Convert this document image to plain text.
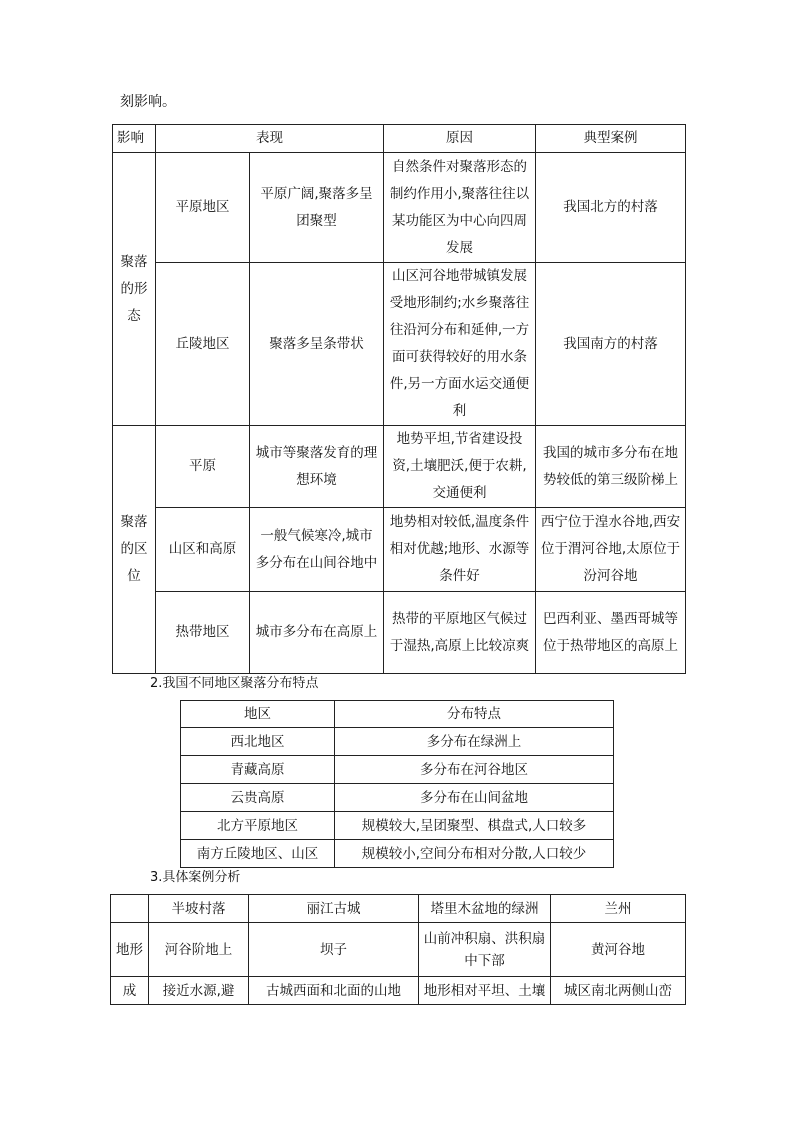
刻影响。
影响	表现		原因	典型案例
聚落的形态	平原地区	平原广阔,聚落多呈团聚型	自然条件对聚落形态的制约作用小,聚落往往以某功能区为中心向四周发展	我国北方的村落
	丘陵地区	聚落多呈条带状	山区河谷地带城镇发展受地形制约;水乡聚落往往沿河分布和延伸,一方面可获得较好的用水条件,另一方面水运交通便利	我国南方的村落
聚落的区位	平原	城市等聚落发育的理想环境	地势平坦,节省建设投资,土壤肥沃,便于农耕,交通便利	我国的城市多分布在地势较低的第三级阶梯上
	山区和高原	一般气候寒冷,城市多分布在山间谷地中	地势相对较低,温度条件相对优越;地形、水源等条件好	西宁位于湟水谷地,西安位于渭河谷地,太原位于汾河谷地
	热带地区	城市多分布在高原上	热带的平原地区气候过于湿热,高原上比较凉爽	巴西利亚、墨西哥城等位于热带地区的高原上
2.我国不同地区聚落分布特点
地区	分布特点
西北地区	多分布在绿洲上
青藏高原	多分布在河谷地区
云贵高原	多分布在山间盆地
北方平原地区	规模较大,呈团聚型、棋盘式,人口较多
南方丘陵地区、山区	规模较小,空间分布相对分散,人口较少
3.具体案例分析
	半坡村落	丽江古城	塔里木盆地的绿洲	兰州
地形	河谷阶地上	坝子	山前冲积扇、洪积扇中下部	黄河谷地
成	接近水源,避	古城西面和北面的山地	地形相对平坦、土壤	城区南北两侧山峦
